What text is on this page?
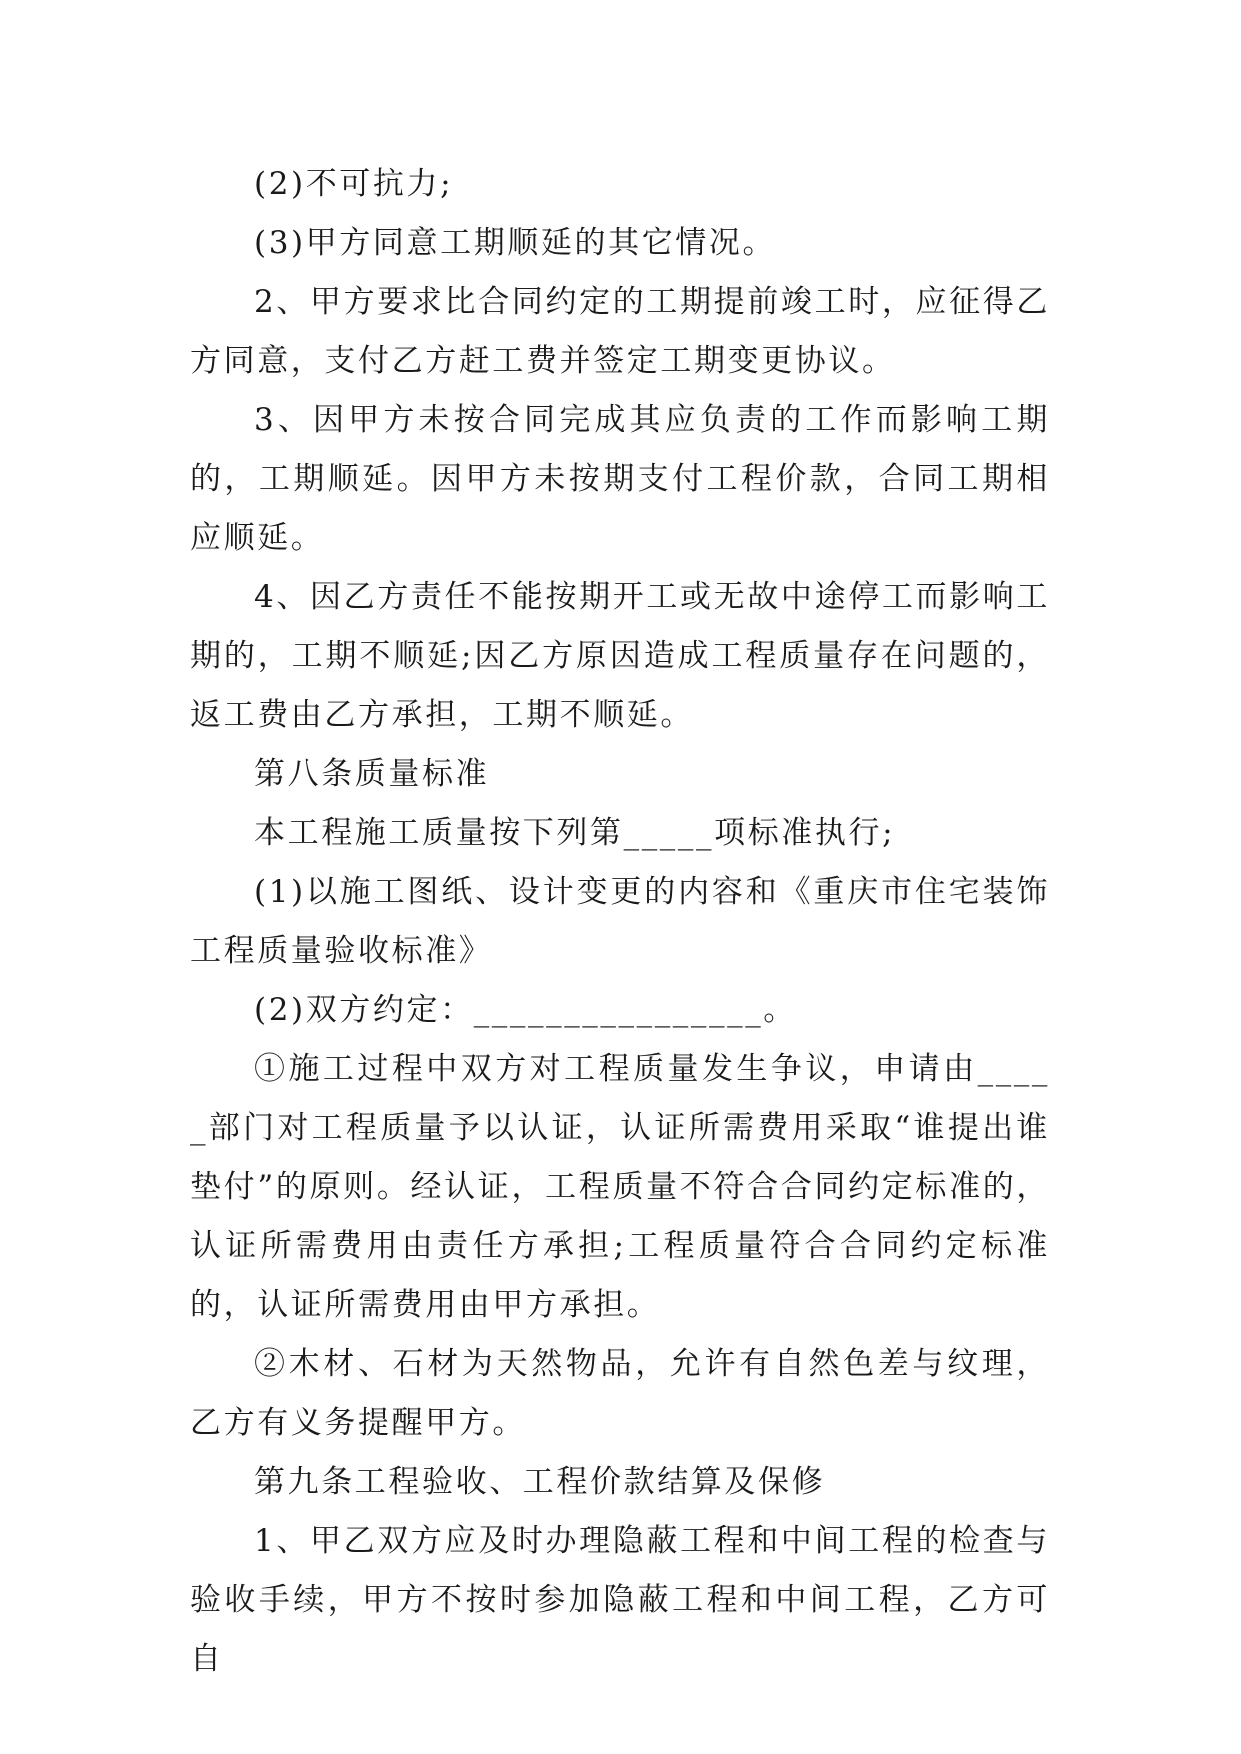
(2)不可抗力;

(3)甲方同意工期顺延的其它情况。

2、甲方要求比合同约定的工期提前竣工时，应征得乙方同意，支付乙方赶工费并签定工期变更协议。

3、因甲方未按合同完成其应负责的工作而影响工期的，工期顺延。因甲方未按期支付工程价款，合同工期相应顺延。

4、因乙方责任不能按期开工或无故中途停工而影响工期的，工期不顺延;因乙方原因造成工程质量存在问题的，返工费由乙方承担，工期不顺延。

第八条质量标准

本工程施工质量按下列第_____项标准执行;

(1)以施工图纸、设计变更的内容和《重庆市住宅装饰工程质量验收标准》

(2)双方约定：________________。

①施工过程中双方对工程质量发生争议，申请由_____部门对工程质量予以认证，认证所需费用采取“谁提出谁垫付”的原则。经认证，工程质量不符合合同约定标准的，认证所需费用由责任方承担;工程质量符合合同约定标准的，认证所需费用由甲方承担。

②木材、石材为天然物品，允许有自然色差与纹理，乙方有义务提醒甲方。

第九条工程验收、工程价款结算及保修

1、甲乙双方应及时办理隐蔽工程和中间工程的检查与验收手续，甲方不按时参加隐蔽工程和中间工程，乙方可自
